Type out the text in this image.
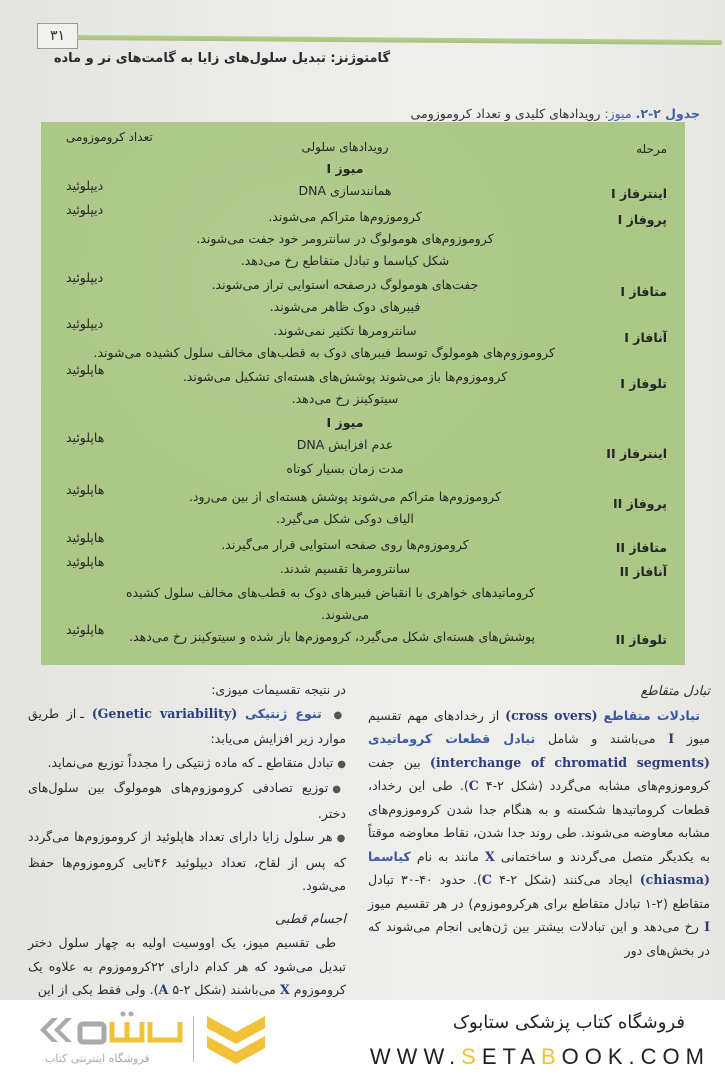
۳۱
گامتوژنز: تبدیل سلول‌های زایا به گامت‌های نر و ماده
جدول ۲-۲. میوز: رویدادهای کلیدی و تعداد کروموزومی
مرحله
رویدادهای سلولی
تعداد کروموزومی
میوز I
اینترفاز I
همانندسازی DNA
دیپلوئید
پروفاز I
کروموزوم‌ها متراکم می‌شوند.
کروموزوم‌های هومولوگ در سانترومر خود جفت می‌شوند.
شکل کیاسما و تبادل متقاطع رخ می‌دهد.
دیپلوئید
متافاز I
جفت‌های هومولوگ درصفحه استوایی تراز می‌شوند.
فیبرهای دوک ظاهر می‌شوند.
دیپلوئید
آنافاز I
سانترومرها تکثیر نمی‌شوند.
کروموزوم‌های هومولوگ توسط فیبرهای دوک به قطب‌های مخالف سلول کشیده می‌شوند.
دیپلوئید
تلوفاز I
کروموزوم‌ها باز می‌شوند پوشش‌های هسته‌ای تشکیل می‌شوند.
سیتوکینز رخ می‌دهد.
هاپلوئید
میوز I
اینترفاز II
عدم افزایش DNA
مدت زمان بسیار کوتاه
هاپلوئید
پروفاز II
کروموزوم‌ها متراکم می‌شوند پوشش هسته‌ای از بین می‌رود.
الیاف دوکی شکل می‌گیرد.
هاپلوئید
متافاز II
کروموزوم‌ها روی صفحه استوایی قرار می‌گیرند.
هاپلوئید
آنافاز II
سانترومرها تقسیم شدند.
کروماتیدهای خواهری با انقباض فیبرهای دوک به قطب‌های مخالف سلول کشیده
می‌شوند.
هاپلوئید
تلوفاز II
پوشش‌های هسته‌ای شکل می‌گیرد، کروموزم‌ها باز شده و سیتوکینز رخ می‌دهد.
هاپلوئید

تبادل متقاطع

تبادلات متقاطع (cross overs) از رخدادهای مهم تقسیم میوز I می‌باشند و شامل تبادل قطعات کروماتیدی (interchange of chromatid segments) بین جفت کروموزوم‌های مشابه می‌گردد (شکل C ۴-۲). طی این رخداد، قطعات کروماتیدها شکسته و به هنگام جدا شدن کروموزوم‌های مشابه معاوضه می‌شوند. طی روند جدا شدن، نقاط معاوضه موقتاً به یکدیگر متصل می‌گردند و ساختمانی X مانند به نام کیاسما (chiasma) ایجاد می‌کنند (شکل C ۴-۲). حدود ۴۰-۳۰ تبادل متقاطع (۲-۱ تبادل متقاطع برای هرکروموزوم) در هر تقسیم میوز I رخ می‌دهد و این تبادلات بیشتر بین ژن‌هایی انجام می‌شوند که در بخش‌های دور

در نتیجه تقسیمات میوزی:

● تنوع ژنتیکی (Genetic variability) ـ از طریق موارد زیر افزایش می‌یابد:

● تبادل متقاطع ـ که ماده ژنتیکی را مجدداً توزیع می‌نماید.

● توزیع تصادفی کروموزوم‌های هومولوگ بین سلول‌های دختر.

● هر سلول زایا دارای تعداد هاپلوئید از کروموزوم‌ها می‌گردد که پس از لقاح، تعداد دیپلوئید ۴۶تایی کروموزوم‌ها حفظ می‌شود.

اجسام قطبی

طی تقسیم میوز، یک اووسیت اولیه به چهار سلول دختر تبدیل می‌شود که هر کدام دارای ۲۲کروموزوم به علاوه یک کروموزوم X می‌باشند (شکل A ۵-۲). ولی فقط یکی از این

فروشگاه اینترنتی کتاب
فروشگاه کتاب پزشکی ستابوک
WWW.SETABOOK.COM
